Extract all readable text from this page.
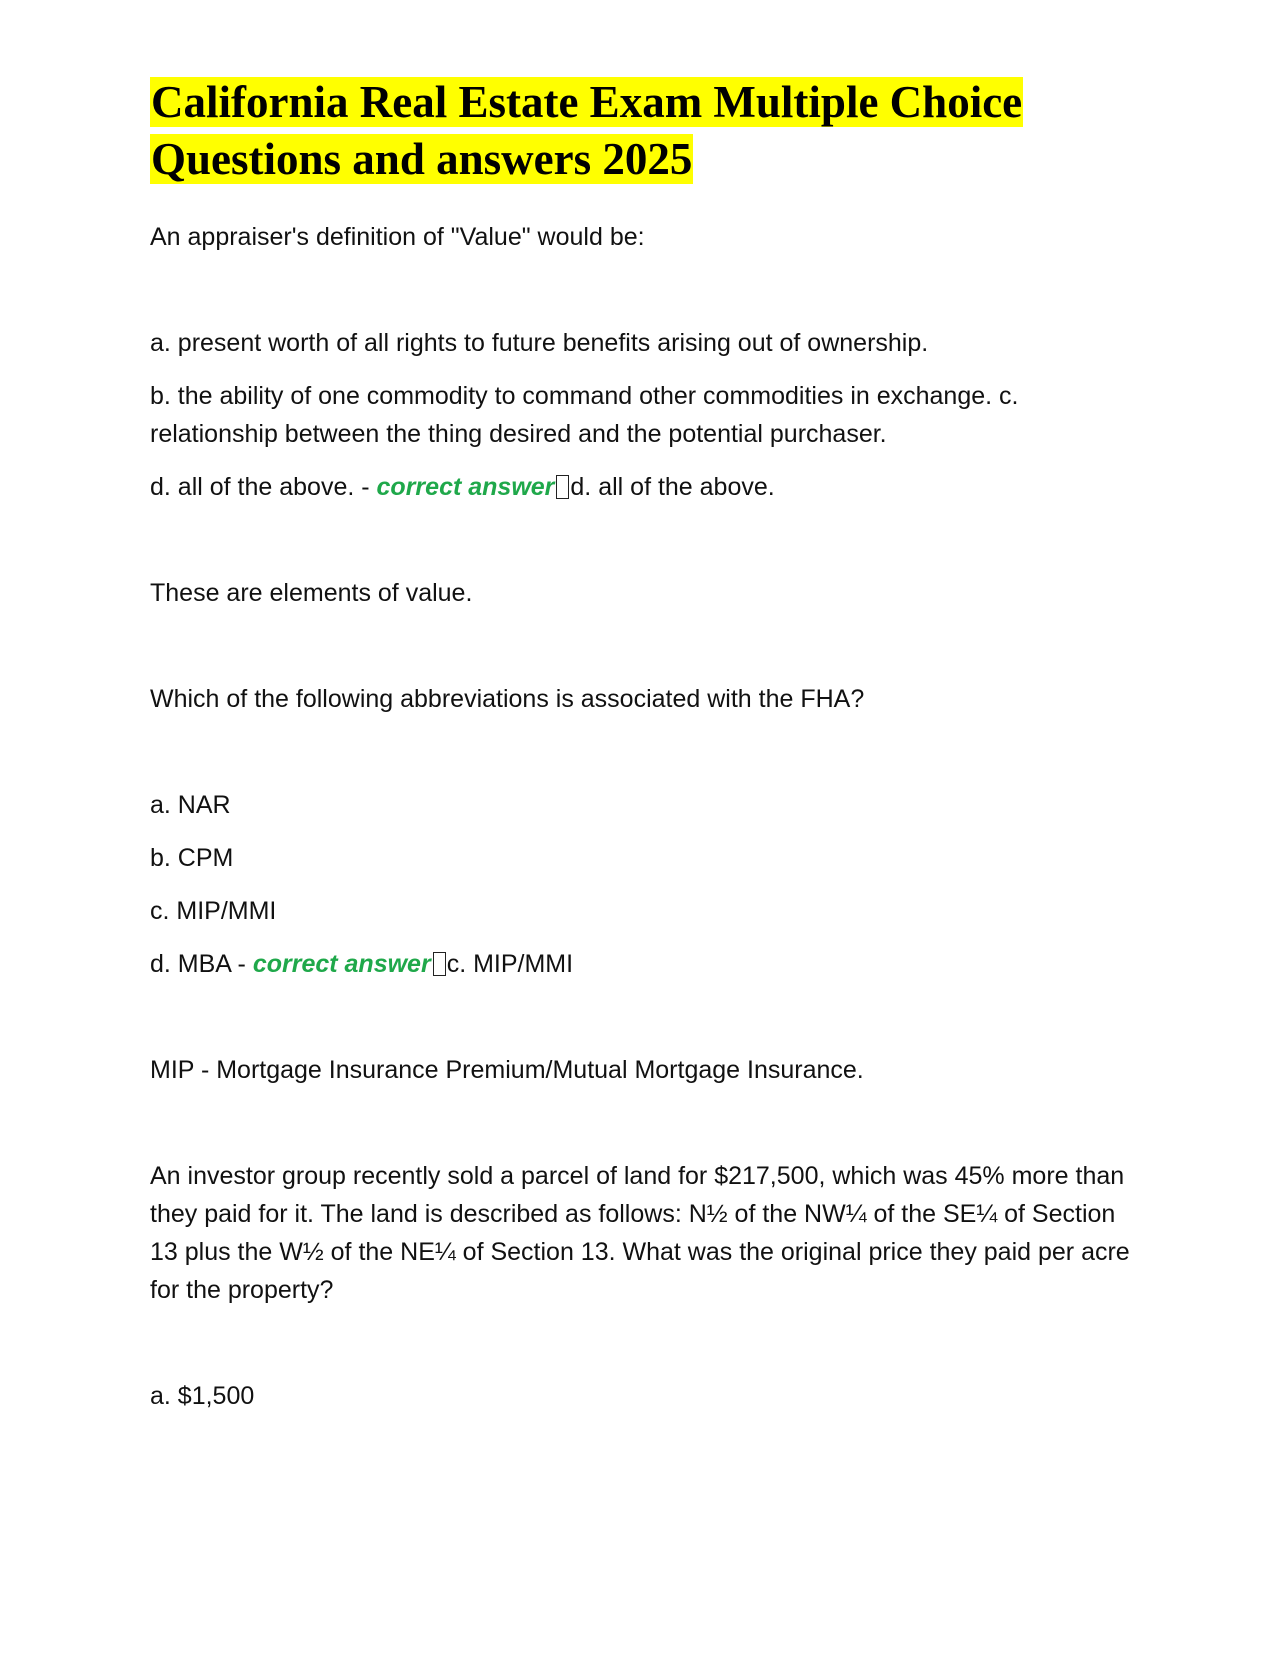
California Real Estate Exam Multiple Choice Questions and answers 2025

An appraiser's definition of "Value" would be:

a. present worth of all rights to future benefits arising out of ownership.

b. the ability of one commodity to command other commodities in exchange. c. relationship between the thing desired and the potential purchaser.

d. all of the above. - correct answer d. all of the above.

These are elements of value.

Which of the following abbreviations is associated with the FHA?

a. NAR

b. CPM

c. MIP/MMI

d. MBA - correct answer c. MIP/MMI

MIP - Mortgage Insurance Premium/Mutual Mortgage Insurance.

An investor group recently sold a parcel of land for $217,500, which was 45% more than they paid for it. The land is described as follows: N½ of the NW¼ of the SE¼ of Section 13 plus the W½ of the NE¼ of Section 13. What was the original price they paid per acre for the property?

a. $1,500
